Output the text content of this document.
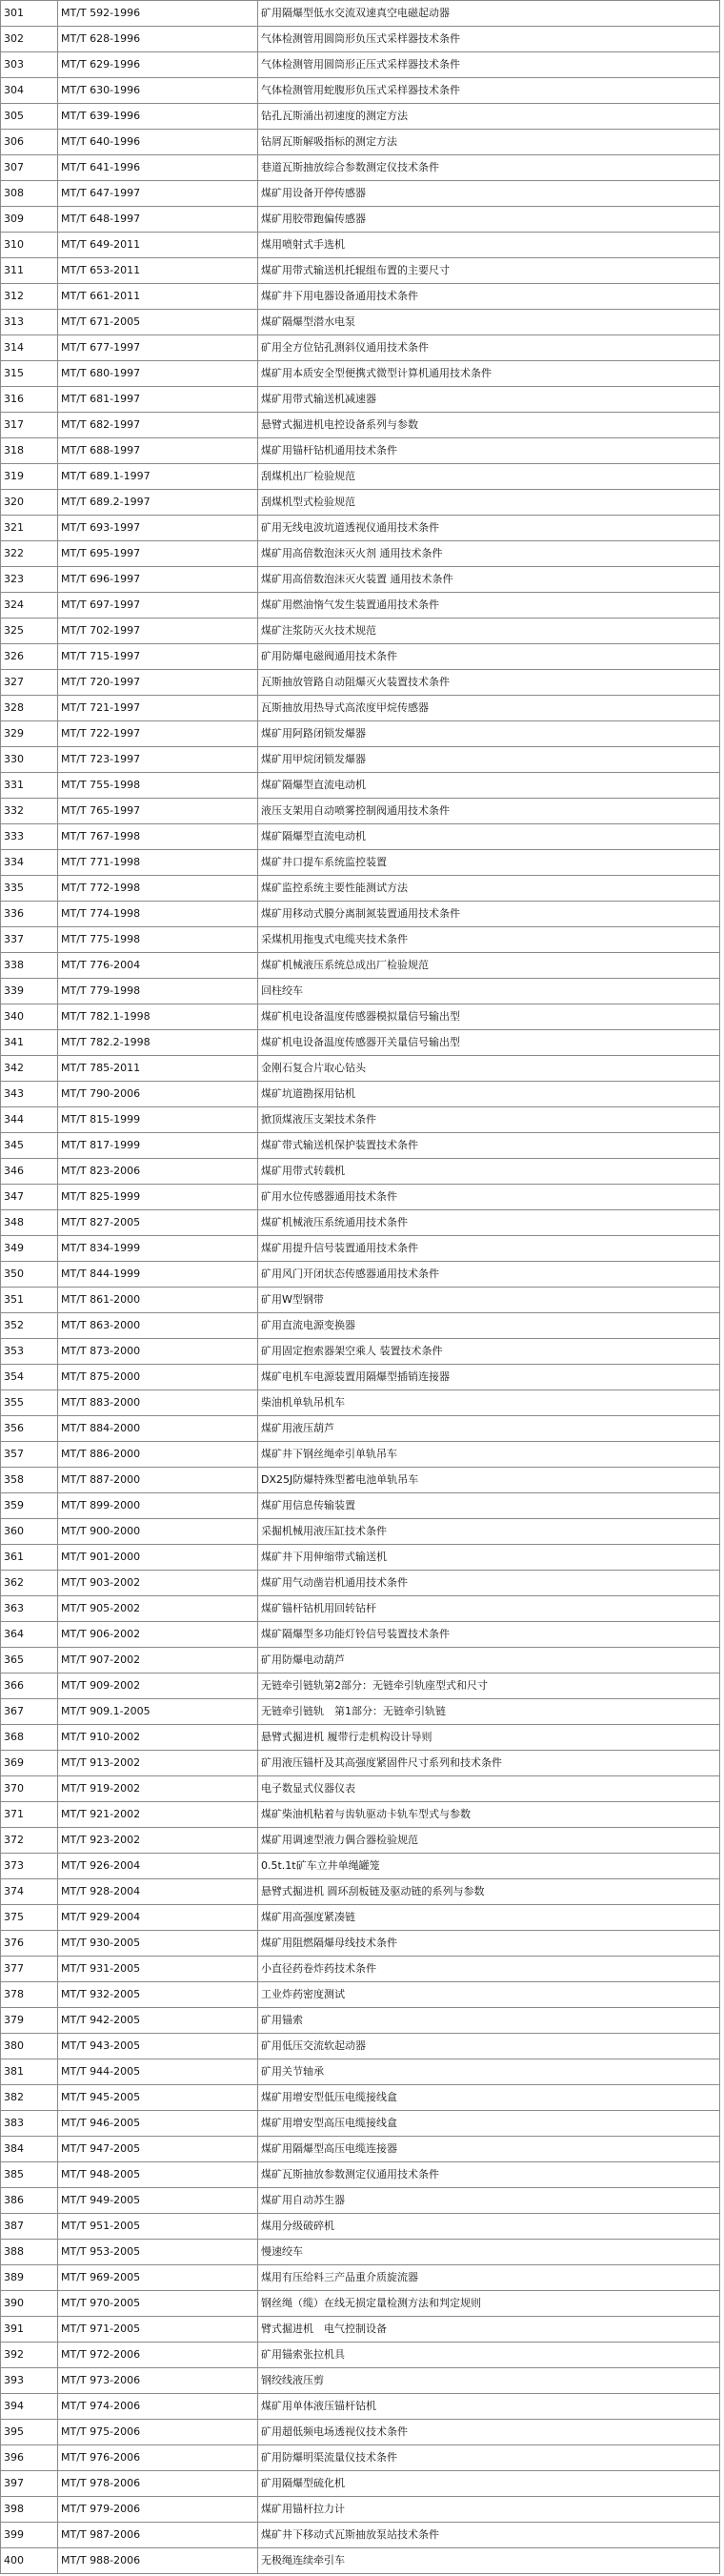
301	MT/T 592-1996	矿用隔爆型低水交流双速真空电磁起动器
302	MT/T 628-1996	气体检测管用圆筒形负压式采样器技术条件
303	MT/T 629-1996	气体检测管用圆筒形正压式采样器技术条件
304	MT/T 630-1996	气体检测管用蛇腹形负压式采样器技术条件
305	MT/T 639-1996	钻孔瓦斯涌出初速度的测定方法
306	MT/T 640-1996	钻屑瓦斯解吸指标的测定方法
307	MT/T 641-1996	巷道瓦斯抽放综合参数测定仪技术条件
308	MT/T 647-1997	煤矿用设备开停传感器
309	MT/T 648-1997	煤矿用胶带跑偏传感器
310	MT/T 649-2011	煤用喷射式手选机
311	MT/T 653-2011	煤矿用带式输送机托辊组布置的主要尺寸
312	MT/T 661-2011	煤矿井下用电器设备通用技术条件
313	MT/T 671-2005	煤矿隔爆型潜水电泵
314	MT/T 677-1997	矿用全方位钻孔测斜仪通用技术条件
315	MT/T 680-1997	煤矿用本质安全型便携式微型计算机通用技术条件
316	MT/T 681-1997	煤矿用带式输送机减速器
317	MT/T 682-1997	悬臂式掘进机电控设备系列与参数
318	MT/T 688-1997	煤矿用锚杆钻机通用技术条件
319	MT/T 689.1-1997	刮煤机出厂检验规范
320	MT/T 689.2-1997	刮煤机型式检验规范
321	MT/T 693-1997	矿用无线电波坑道透视仪通用技术条件
322	MT/T 695-1997	煤矿用高倍数泡沫灭火剂 通用技术条件
323	MT/T 696-1997	煤矿用高倍数泡沫灭火装置 通用技术条件
324	MT/T 697-1997	煤矿用燃油惰气发生装置通用技术条件
325	MT/T 702-1997	煤矿注浆防灭火技术规范
326	MT/T 715-1997	矿用防爆电磁阀通用技术条件
327	MT/T 720-1997	瓦斯抽放管路自动阻爆灭火装置技术条件
328	MT/T 721-1997	瓦斯抽放用热导式高浓度甲烷传感器
329	MT/T 722-1997	煤矿用阿路闭锁发爆器
330	MT/T 723-1997	煤矿用甲烷闭锁发爆器
331	MT/T 755-1998	煤矿隔爆型直流电动机
332	MT/T 765-1997	液压支架用自动喷雾控制阀通用技术条件
333	MT/T 767-1998	煤矿隔爆型直流电动机
334	MT/T 771-1998	煤矿井口提车系统监控装置
335	MT/T 772-1998	煤矿监控系统主要性能测试方法
336	MT/T 774-1998	煤矿用移动式膜分离制氮装置通用技术条件
337	MT/T 775-1998	采煤机用拖曳式电缆夹技术条件
338	MT/T 776-2004	煤矿机械液压系统总成出厂检验规范
339	MT/T 779-1998	回柱绞车
340	MT/T 782.1-1998	煤矿机电设备温度传感器模拟量信号输出型
341	MT/T 782.2-1998	煤矿机电设备温度传感器开关量信号输出型
342	MT/T 785-2011	金刚石复合片取心钻头
343	MT/T 790-2006	煤矿坑道勘探用钻机
344	MT/T 815-1999	掀顶煤液压支架技术条件
345	MT/T 817-1999	煤矿带式输送机保护装置技术条件
346	MT/T 823-2006	煤矿用带式转载机
347	MT/T 825-1999	矿用水位传感器通用技术条件
348	MT/T 827-2005	煤矿机械液压系统通用技术条件
349	MT/T 834-1999	煤矿用提升信号装置通用技术条件
350	MT/T 844-1999	矿用风门开闭状态传感器通用技术条件
351	MT/T 861-2000	矿用W型钢带
352	MT/T 863-2000	矿用直流电源变换器
353	MT/T 873-2000	矿用固定抱索器架空乘人 装置技术条件
354	MT/T 875-2000	煤矿电机车电源装置用隔爆型插销连接器
355	MT/T 883-2000	柴油机单轨吊机车
356	MT/T 884-2000	煤矿用液压葫芦
357	MT/T 886-2000	煤矿井下钢丝绳牵引单轨吊车
358	MT/T 887-2000	DX25J防爆特殊型蓄电池单轨吊车
359	MT/T 899-2000	煤矿用信息传输装置
360	MT/T 900-2000	采掘机械用液压缸技术条件
361	MT/T 901-2000	煤矿井下用伸缩带式输送机
362	MT/T 903-2002	煤矿用气动凿岩机通用技术条件
363	MT/T 905-2002	煤矿锚杆钻机用回转钻杆
364	MT/T 906-2002	煤矿隔爆型多功能灯铃信号装置技术条件
365	MT/T 907-2002	矿用防爆电动葫芦
366	MT/T 909-2002	无链牵引链轨第2部分：无链牵引轨座型式和尺寸
367	MT/T 909.1-2005	无链牵引链轨　第1部分：无链牵引轨链
368	MT/T 910-2002	悬臂式掘进机 履带行走机构设计导则
369	MT/T 913-2002	矿用液压锚杆及其高强度紧固件尺寸系列和技术条件
370	MT/T 919-2002	电子数显式仪器仪表
371	MT/T 921-2002	煤矿柴油机粘着与齿轨驱动卡轨车型式与参数
372	MT/T 923-2002	煤矿用调速型液力偶合器检验规范
373	MT/T 926-2004	0.5t.1t矿车立井单绳罐笼
374	MT/T 928-2004	悬臂式掘进机 圆环刮板链及驱动链的系列与参数
375	MT/T 929-2004	煤矿用高强度紧凑链
376	MT/T 930-2005	煤矿用阻燃隔爆母线技术条件
377	MT/T 931-2005	小直径药卷炸药技术条件
378	MT/T 932-2005	工业炸药密度测试
379	MT/T 942-2005	矿用锚索
380	MT/T 943-2005	矿用低压交流软起动器
381	MT/T 944-2005	矿用关节轴承
382	MT/T 945-2005	煤矿用增安型低压电缆接线盒
383	MT/T 946-2005	煤矿用增安型高压电缆接线盒
384	MT/T 947-2005	煤矿用隔爆型高压电缆连接器
385	MT/T 948-2005	煤矿瓦斯抽放参数测定仪通用技术条件
386	MT/T 949-2005	煤矿用自动苏生器
387	MT/T 951-2005	煤用分级破碎机
388	MT/T 953-2005	慢速绞车
389	MT/T 969-2005	煤用有压给料三产品重介质旋流器
390	MT/T 970-2005	钢丝绳（缆）在线无损定量检测方法和判定规则
391	MT/T 971-2005	臂式掘进机　电气控制设备
392	MT/T 972-2006	矿用锚索张拉机具
393	MT/T 973-2006	钢绞线液压剪
394	MT/T 974-2006	煤矿用单体液压锚杆钻机
395	MT/T 975-2006	矿用超低频电场透视仪技术条件
396	MT/T 976-2006	矿用防爆明渠流量仪技术条件
397	MT/T 978-2006	矿用隔爆型硫化机
398	MT/T 979-2006	煤矿用锚杆拉力计
399	MT/T 987-2006	煤矿井下移动式瓦斯抽放泵站技术条件
400	MT/T 988-2006	无极绳连续牵引车
